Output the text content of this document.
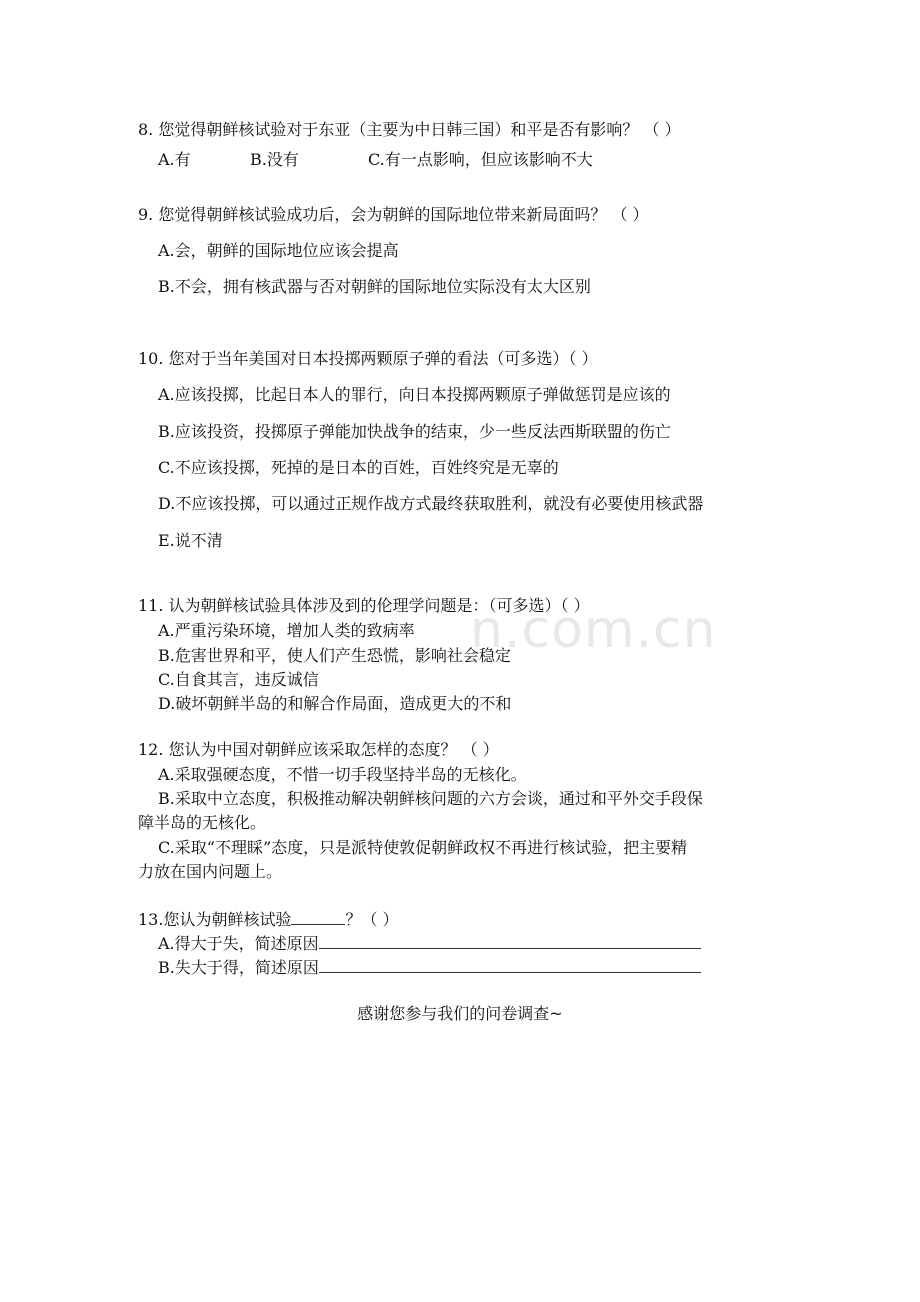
n.com.cn
8. 您觉得朝鲜核试验对于东亚（主要为中日韩三国）和平是否有影响？ （ ）
A.有	B.没有	C.有一点影响，但应该影响不大
9. 您觉得朝鲜核试验成功后，会为朝鲜的国际地位带来新局面吗？ （ ）
A.会，朝鲜的国际地位应该会提高
B.不会，拥有核武器与否对朝鲜的国际地位实际没有太大区别
10. 您对于当年美国对日本投掷两颗原子弹的看法（可多选）（ ）
A.应该投掷，比起日本人的罪行，向日本投掷两颗原子弹做惩罚是应该的
B.应该投资，投掷原子弹能加快战争的结束，少一些反法西斯联盟的伤亡
C.不应该投掷，死掉的是日本的百姓，百姓终究是无辜的
D.不应该投掷，可以通过正规作战方式最终获取胜利，就没有必要使用核武器
E.说不清
11. 认为朝鲜核试验具体涉及到的伦理学问题是：（可多选）（ ）
A.严重污染环境，增加人类的致病率
B.危害世界和平，使人们产生恐慌，影响社会稳定
C.自食其言，违反诚信
D.破坏朝鲜半岛的和解合作局面，造成更大的不和
12. 您认为中国对朝鲜应该采取怎样的态度？ （ ）
A.采取强硬态度，不惜一切手段坚持半岛的无核化。
B.采取中立态度，积极推动解决朝鲜核问题的六方会谈，通过和平外交手段保
障半岛的无核化。
C.采取“不理睬”态度，只是派特使敦促朝鲜政权不再进行核试验，把主要精
力放在国内问题上。
13.您认为朝鲜核试验	？（ ）
A.得大于失，简述原因
B.失大于得，简述原因
感谢您参与我们的问卷调查~
